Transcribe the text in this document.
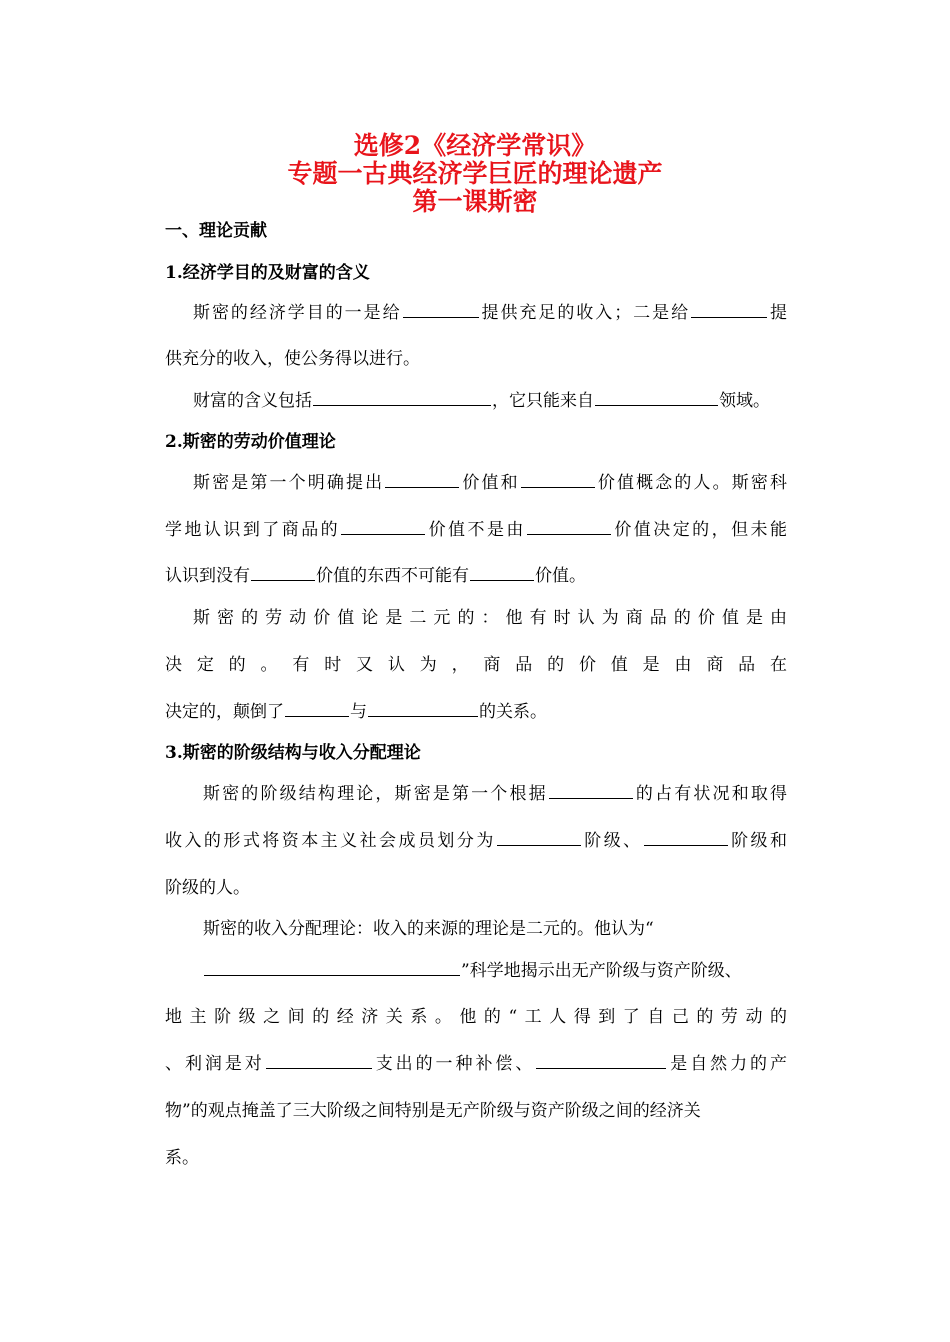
选修2《经济学常识》
专题一古典经济学巨匠的理论遗产
第一课斯密
一、理论贡献
1.经济学目的及财富的含义

斯密的经济学目的一是给	提供充足的收入；二是给	提

供充分的收入，使公务得以进行。

财富的含义包括	，它只能来自	领域。

2.斯密的劳动价值理论

斯密是第一个明确提出	价值和	价值概念的人。斯密科

学地认识到了商品的	价值不是由	价值决定的，但未能

认识到没有	价值的东西不可能有	价值。

斯密的劳动价值论是二元的：他有时认为商品的价值是由

决定的。有时又认为，商品的价值是由商品在

决定的，颠倒了	与	的关系。

3.斯密的阶级结构与收入分配理论

斯密的阶级结构理论，斯密是第一个根据	的占有状况和取得

收入的形式将资本主义社会成员划分为	阶级、	阶级和

阶级的人。

斯密的收入分配理论：收入的来源的理论是二元的。他认为“

”科学地揭示出无产阶级与资产阶级、

地主阶级之间的经济关系。他的“工人得到了自己的劳动的

、利润是对	支出的一种补偿、	是自然力的产

物”的观点掩盖了三大阶级之间特别是无产阶级与资产阶级之间的经济关

系。
